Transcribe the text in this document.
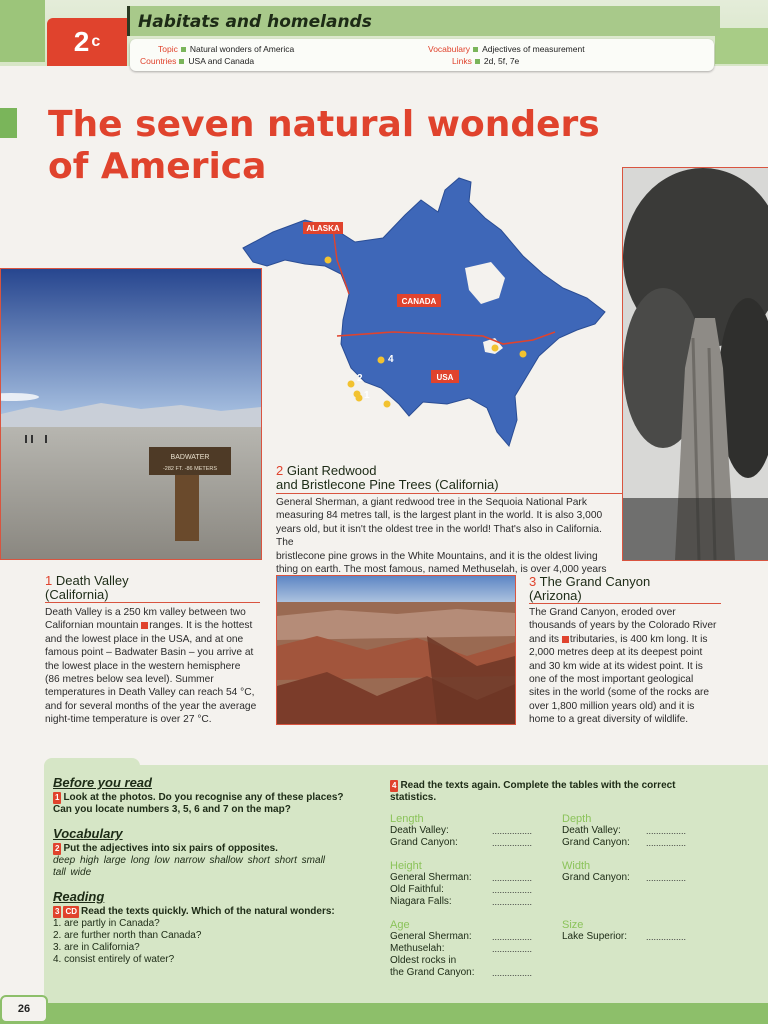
2 c
Habitats and homelands
Topic Natural wonders of America
Countries USA and Canada
Vocabulary Adjectives of measurement
Links 2d, 5f, 7e
The seven natural wonders
of America
ALASKA
CANADA
USA
4
2
1
BADWATER
-282 FT. -86 METERS	2 Giant Redwood
and Bristlecone Pine Trees (California)
General Sherman, a giant redwood tree in the Sequoia National Park
measuring 84 metres tall, is the largest plant in the world. It is also 3,000
years old, but it isn't the oldest tree in the world! That's also in California. The
bristlecone pine grows in the White Mountains, and it is the oldest living
thing on earth. The most famous, named Methuselah, is over 4,000 years
1 Death Valley
(California)
Death Valley is a 250 km valley between two
Californian mountain ranges. It is the hottest
and the lowest place in the USA, and at one
famous point – Badwater Basin – you arrive at
the lowest place in the western hemisphere
(86 metres below sea level). Summer
temperatures in Death Valley can reach 54 °C,
and for several months of the year the average
night-time temperature is over 27 °C.
3 The Grand Canyon
(Arizona)
The Grand Canyon, eroded over
thousands of years by the Colorado River
and its tributaries, is 400 km long. It is
2,000 metres deep at its deepest point
and 30 km wide at its widest point. It is
one of the most important geological
sites in the world (some of the rocks are
over 1,800 million years old) and it is
home to a great diversity of wildlife.
Before you read
1 Look at the photos. Do you recognise any of these places?
Can you locate numbers 3, 5, 6 and 7 on the map?
Vocabulary
2 Put the adjectives into six pairs of opposites.
deep high large long low narrow shallow short short small
tall wide
Reading
3 CD Read the texts quickly. Which of the natural wonders:
1. are partly in Canada?
2. are further north than Canada?
3. are in California?
4. consist entirely of water?
4 Read the texts again. Complete the tables with the correct
statistics.
Length
Death Valley:	................
Grand Canyon:	................
Depth
Death Valley:	................
Grand Canyon: ................
Height
General Sherman: ................
Old Faithful:	................
Niagara Falls:	................
Width
Grand Canyon: ................
Age
General Sherman: ................
Methuselah:	................
Oldest rocks in
the Grand Canyon: ................
Size
Lake Superior: ................
26
